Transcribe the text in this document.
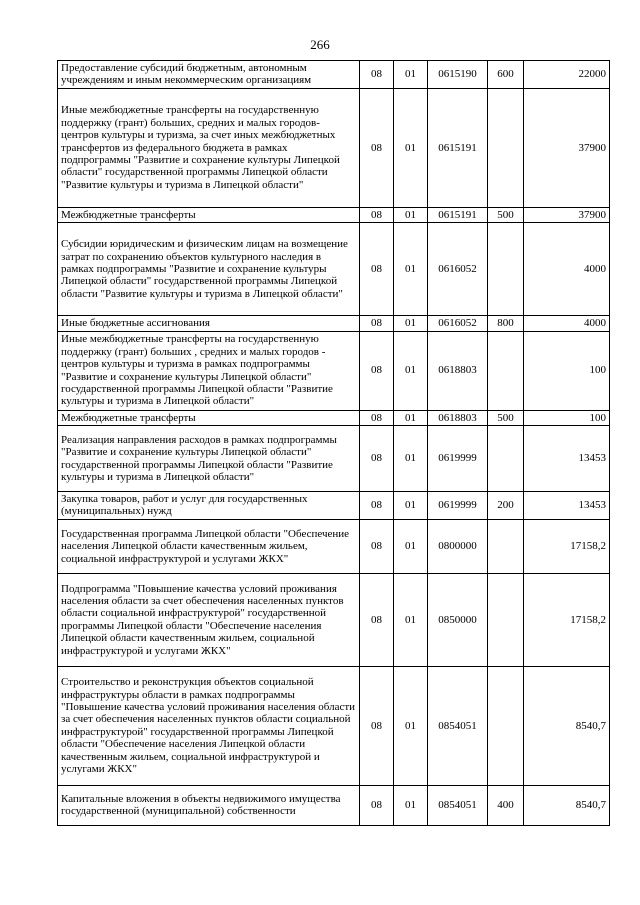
266
Предоставление субсидий бюджетным, автономным учреждениям и иным некоммерческим организациям	08	01	0615190	600	22000
Иные межбюджетные трансферты на государственную поддержку (грант) больших, средних и малых городов-центров культуры и туризма, за счет иных межбюджетных трансфертов из федерального бюджета в рамках подпрограммы "Развитие и сохранение культуры Липецкой области" государственной программы Липецкой области "Развитие культуры и туризма в Липецкой области"	08	01	0615191		37900
Межбюджетные трансферты	08	01	0615191	500	37900
Субсидии юридическим и физическим лицам на возмещение затрат по сохранению объектов культурного наследия в рамках подпрограммы "Развитие и сохранение культуры Липецкой области" государственной программы Липецкой области "Развитие культуры и туризма в Липецкой области"	08	01	0616052		4000
Иные бюджетные ассигнования	08	01	0616052	800	4000
Иные межбюджетные трансферты на государственную поддержку (грант) больших , средних и малых городов - центров культуры и туризма в рамках подпрограммы "Развитие и сохранение культуры Липецкой области" государственной программы Липецкой области "Развитие культуры и туризма в Липецкой области"	08	01	0618803		100
Межбюджетные трансферты	08	01	0618803	500	100
Реализация направления расходов в рамках подпрограммы "Развитие и сохранение культуры Липецкой области" государственной программы Липецкой области "Развитие культуры и туризма в Липецкой области"	08	01	0619999		13453
Закупка товаров, работ и услуг для государственных (муниципальных) нужд	08	01	0619999	200	13453
Государственная программа Липецкой области "Обеспечение населения Липецкой области качественным жильем, социальной инфраструктурой и услугами ЖКХ"	08	01	0800000		17158,2
Подпрограмма "Повышение качества условий проживания населения области за счет обеспечения населенных пунктов области социальной инфраструктурой" государственной программы Липецкой области "Обеспечение населения Липецкой области качественным жильем, социальной инфраструктурой и услугами ЖКХ"	08	01	0850000		17158,2
Строительство и реконструкция объектов социальной инфраструктуры области в рамках подпрограммы "Повышение качества условий проживания населения области за счет обеспечения населенных пунктов области социальной инфраструктурой" государственной программы Липецкой области "Обеспечение населения Липецкой области качественным жильем, социальной инфраструктурой и услугами ЖКХ"	08	01	0854051		8540,7
Капитальные вложения в объекты недвижимого имущества государственной (муниципальной) собственности	08	01	0854051	400	8540,7
